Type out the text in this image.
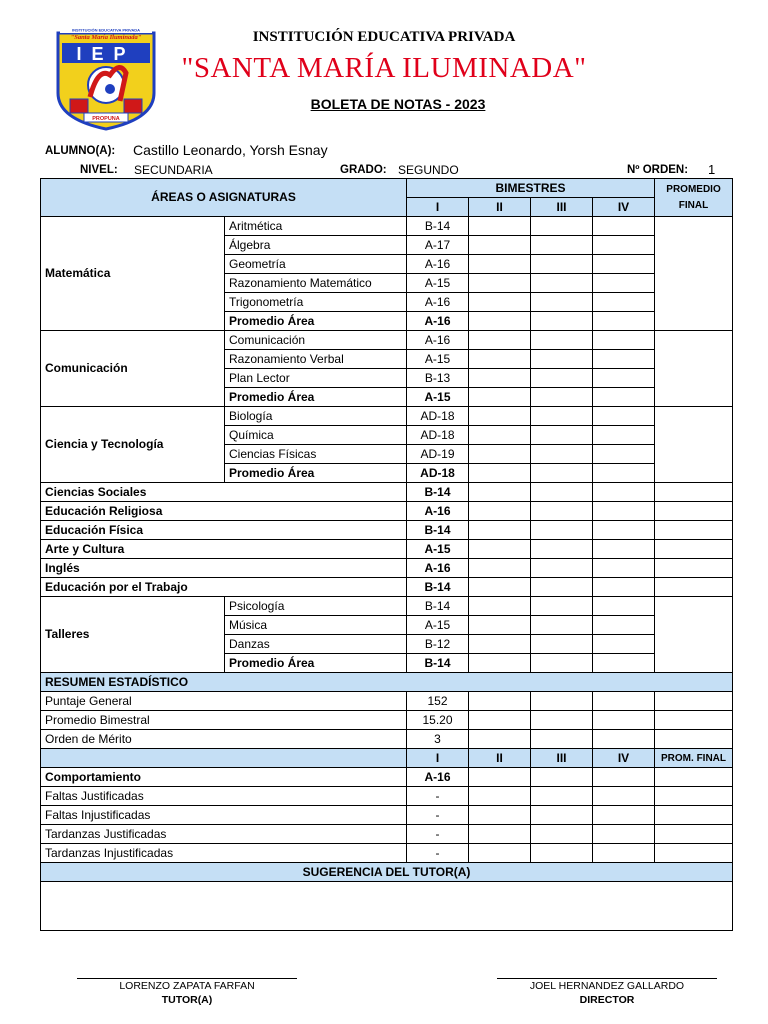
INSTITUCIÓN EDUCATIVA PRIVADA
"Santa María Iluminada"
IEP
PROPUNA
INSTITUCIÓN EDUCATIVA PRIVADA
"SANTA MARÍA ILUMINADA"
BOLETA DE NOTAS - 2023
ALUMNO(A): Castillo Leonardo, Yorsh Esnay
NIVEL: SECUNDARIA	GRADO: SEGUNDO	Nº ORDEN: 1
ÁREAS O ASIGNATURAS		BIMESTRES				PROMEDIO
FINAL

		I	II	III	IV	
Matemática	Aritmética	B-14				
	Álgebra	A-17				
	Geometría	A-16				
	Razonamiento Matemático	A-15				
	Trigonometría	A-16				
	Promedio Área	A-16				
Comunicación	Comunicación	A-16				
	Razonamiento Verbal	A-15				
	Plan Lector	B-13				
	Promedio Área	A-15				
Ciencia y Tecnología	Biología	AD-18				
	Química	AD-18				
	Ciencias Físicas	AD-19				
	Promedio Área	AD-18				
Ciencias Sociales		B-14				
Educación Religiosa		A-16				
Educación Física		B-14				
Arte y Cultura		A-15				
Inglés		A-16				
Educación por el Trabajo		B-14				
Talleres	Psicología	B-14				
	Música	A-15				
	Danzas	B-12				
	Promedio Área	B-14				
RESUMEN ESTADÍSTICO						
Puntaje General		152				
Promedio Bimestral		15.20				
Orden de Mérito		3				
		I	II	III	IV	PROM. FINAL
Comportamiento		A-16				
Faltas Justificadas		-				
Faltas Injustificadas		-				
Tardanzas Justificadas		-				
Tardanzas Injustificadas		-				
SUGERENCIA DEL TUTOR(A)						

LORENZO ZAPATA FARFAN
TUTOR(A)
JOEL HERNANDEZ GALLARDO
DIRECTOR
